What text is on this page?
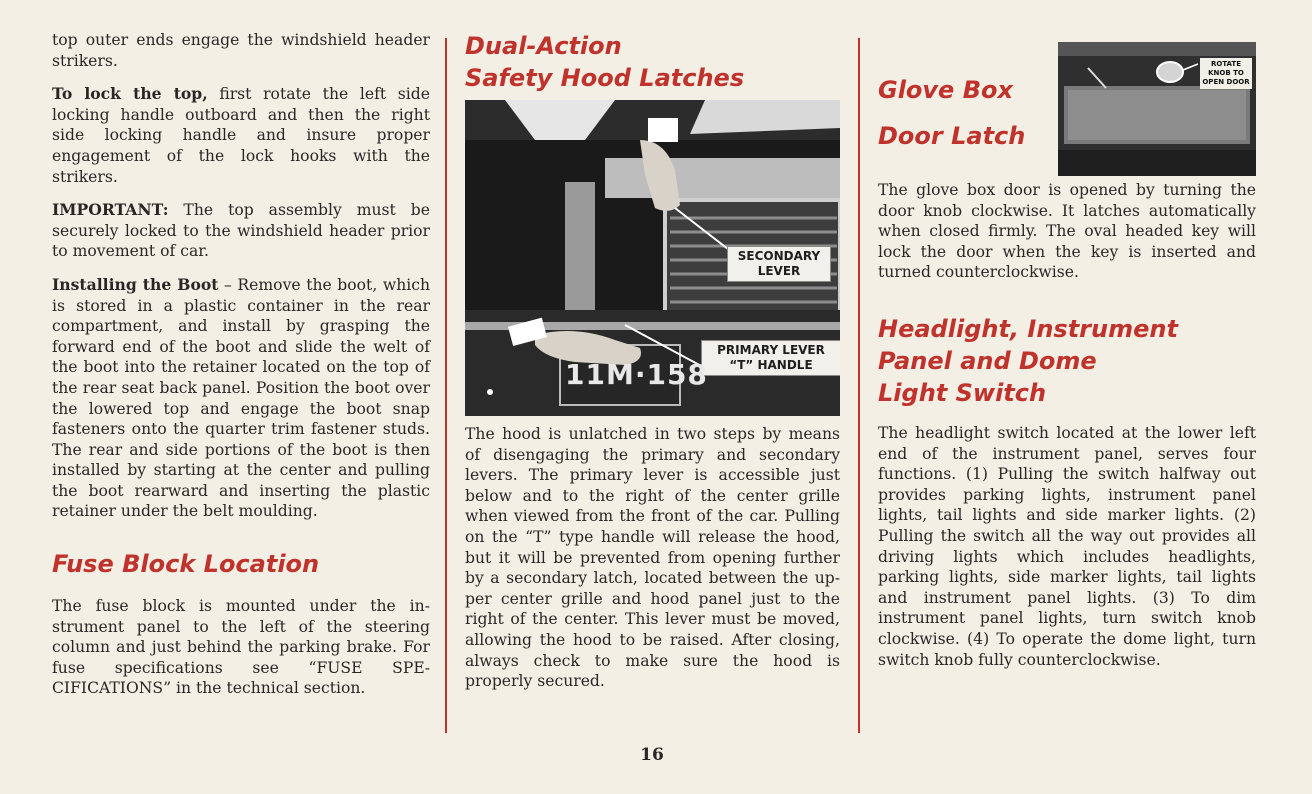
top outer ends engage the windshield header strikers.

To lock the top, first rotate the left side locking handle outboard and then the right side locking handle and insure proper engagement of the lock hooks with the strikers.

IMPORTANT: The top assembly must be securely locked to the windshield header prior to movement of car.

Installing the Boot – Remove the boot, which is stored in a plastic container in the rear compartment, and install by grasping the forward end of the boot and slide the welt of the boot into the retainer located on the top of the rear seat back panel. Position the boot over the lowered top and engage the boot snap fasteners onto the quarter trim fastener studs. The rear and side portions of the boot is then installed by starting at the center and pulling the boot rearward and inserting the plastic retainer under the belt moulding.

Fuse Block Location

The fuse block is mounted under the instrument panel to the left of the steering column and just behind the parking brake. For fuse specifications see “FUSE SPECIFICATIONS” in the technical section.

Dual-Action
Safety Hood Latches
SECONDARY
LEVER
PRIMARY LEVER
“T” HANDLE
11M·158

The hood is unlatched in two steps by means of disengaging the primary and secondary levers. The primary lever is accessible just below and to the right of the center grille when viewed from the front of the car. Pulling on the “T” type handle will release the hood, but it will be prevented from opening further by a secondary latch, located between the upper center grille and hood panel just to the right of the center. This lever must be moved, allowing the hood to be raised. After closing, always check to make sure the hood is properly secured.

Glove Box
Door Latch
ROTATE KNOB TO OPEN DOOR

The glove box door is opened by turning the door knob clockwise. It latches automatically when closed firmly. The oval headed key will lock the door when the key is inserted and turned counterclockwise.

Headlight, Instrument
Panel and Dome
Light Switch

The headlight switch located at the lower left end of the instrument panel, serves four functions. (1) Pulling the switch halfway out provides parking lights, instrument panel lights, tail lights and side marker lights. (2) Pulling the switch all the way out provides all driving lights which includes headlights, parking lights, side marker lights, tail lights and instrument panel lights. (3) To dim instrument panel lights, turn switch knob clockwise. (4) To operate the dome light, turn switch knob fully counterclockwise.

16
